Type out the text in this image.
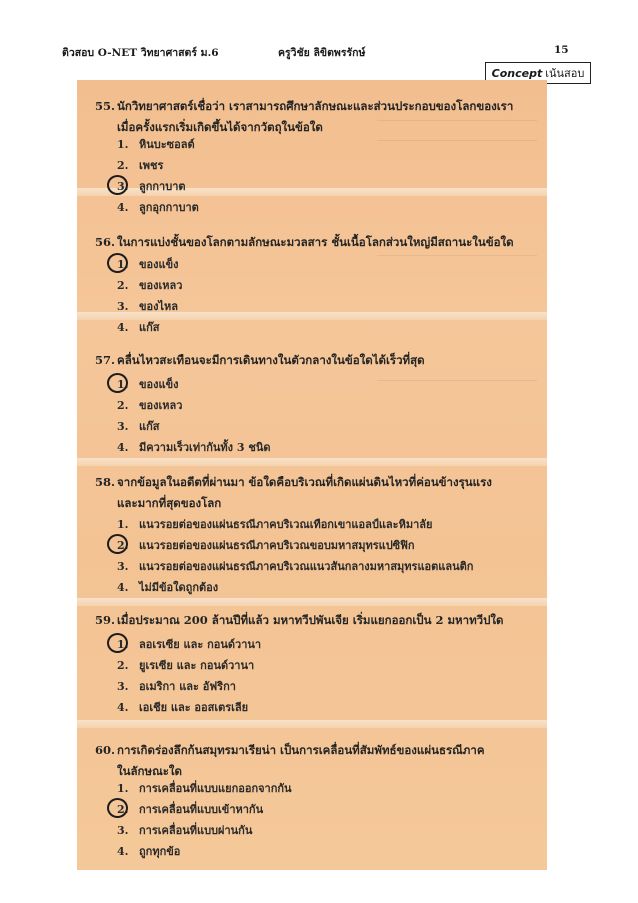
ติวสอบ O-NET วิทยาศาสตร์ ม.6	ครูวิชัย ลิขิตพรรักษ์	15
Concept เน้นสอบ
55. นักวิทยาศาสตร์เชื่อว่า เราสามารถศึกษาลักษณะและส่วนประกอบของโลกของเรา
เมื่อครั้งแรกเริ่มเกิดขึ้นได้จากวัตถุในข้อใด
1. หินบะซอลต์
2. เพชร
3. ลูกกาบาต
4. ลูกอุกกาบาต
56. ในการแบ่งชั้นของโลกตามลักษณะมวลสาร ชั้นเนื้อโลกส่วนใหญ่มีสถานะในข้อใด
1. ของแข็ง
2. ของเหลว
3. ของไหล
4. แก๊ส
57. คลื่นไหวสะเทือนจะมีการเดินทางในตัวกลางในข้อใดได้เร็วที่สุด
1. ของแข็ง
2. ของเหลว
3. แก๊ส
4. มีความเร็วเท่ากันทั้ง 3 ชนิด
58. จากข้อมูลในอดีตที่ผ่านมา ข้อใดคือบริเวณที่เกิดแผ่นดินไหวที่ค่อนข้างรุนแรง
และมากที่สุดของโลก
1. แนวรอยต่อของแผ่นธรณีภาคบริเวณเทือกเขาแอลป์และหิมาลัย
2. แนวรอยต่อของแผ่นธรณีภาคบริเวณขอบมหาสมุทรแปซิฟิก
3. แนวรอยต่อของแผ่นธรณีภาคบริเวณแนวสันกลางมหาสมุทรแอตแลนติก
4. ไม่มีข้อใดถูกต้อง
59. เมื่อประมาณ 200 ล้านปีที่แล้ว มหาทวีปพันเจีย เริ่มแยกออกเป็น 2 มหาทวีปใด
1. ลอเรเซีย และ กอนด์วานา
2. ยูเรเซีย และ กอนด์วานา
3. อเมริกา และ อัฟริกา
4. เอเชีย และ ออสเตรเลีย
60. การเกิดร่องลึกก้นสมุทรมาเรียน่า เป็นการเคลื่อนที่สัมพัทธ์ของแผ่นธรณีภาค
ในลักษณะใด
1. การเคลื่อนที่แบบแยกออกจากกัน
2. การเคลื่อนที่แบบเข้าหากัน
3. การเคลื่อนที่แบบผ่านกัน
4. ถูกทุกข้อ
